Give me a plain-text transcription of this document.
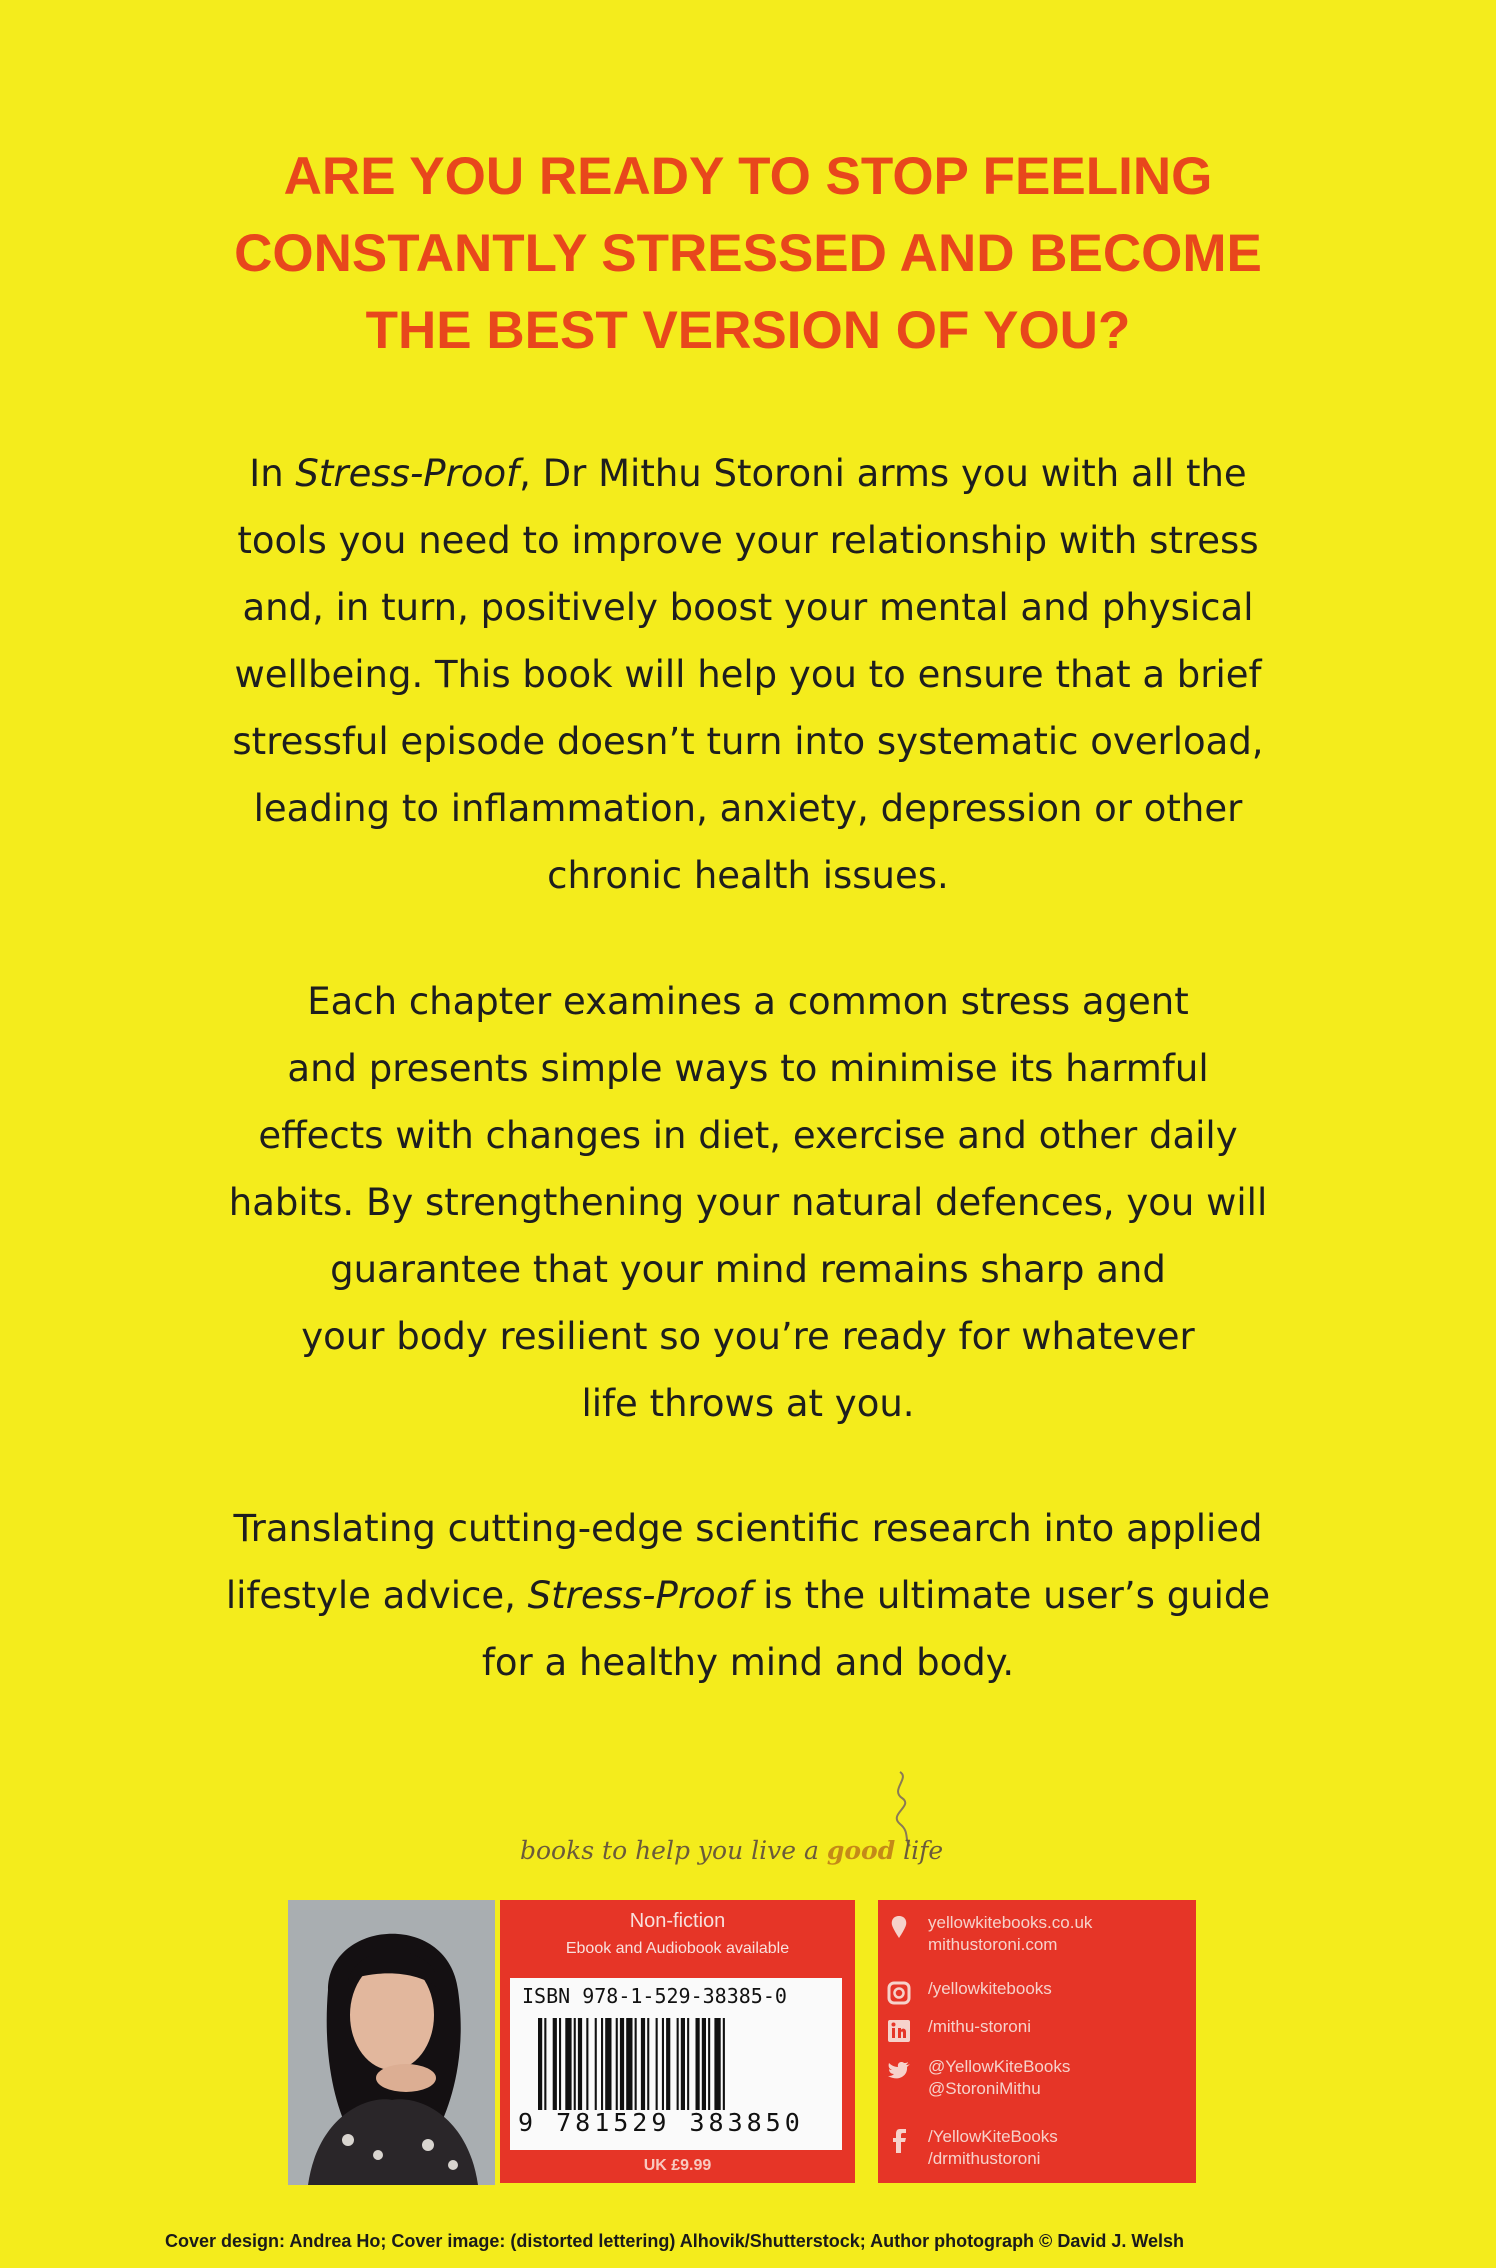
ARE YOU READY TO STOP FEELING
CONSTANTLY STRESSED AND BECOME
THE BEST VERSION OF YOU?
In Stress-Proof, Dr Mithu Storoni arms you with all the
tools you need to improve your relationship with stress
and, in turn, positively boost your mental and physical
wellbeing. This book will help you to ensure that a brief
stressful episode doesn’t turn into systematic overload,
leading to inflammation, anxiety, depression or other
chronic health issues.
Each chapter examines a common stress agent
and presents simple ways to minimise its harmful
effects with changes in diet, exercise and other daily
habits. By strengthening your natural defences, you will
guarantee that your mind remains sharp and
your body resilient so you’re ready for whatever
life throws at you.
Translating cutting-edge scientific research into applied
lifestyle advice, Stress-Proof is the ultimate user’s guide
for a healthy mind and body.
books to help you live a good life
Non-fiction
Ebook and Audiobook available
ISBN 978-1-529-38385-0
9 781529 383850
UK £9.99
yellowkitebooks.co.uk
mithustoroni.com
/yellowkitebooks
/mithu-storoni
@YellowKiteBooks
@StoroniMithu
/YellowKiteBooks
/drmithustoroni
Cover design: Andrea Ho; Cover image: (distorted lettering) Alhovik/Shutterstock; Author photograph © David J. Welsh
